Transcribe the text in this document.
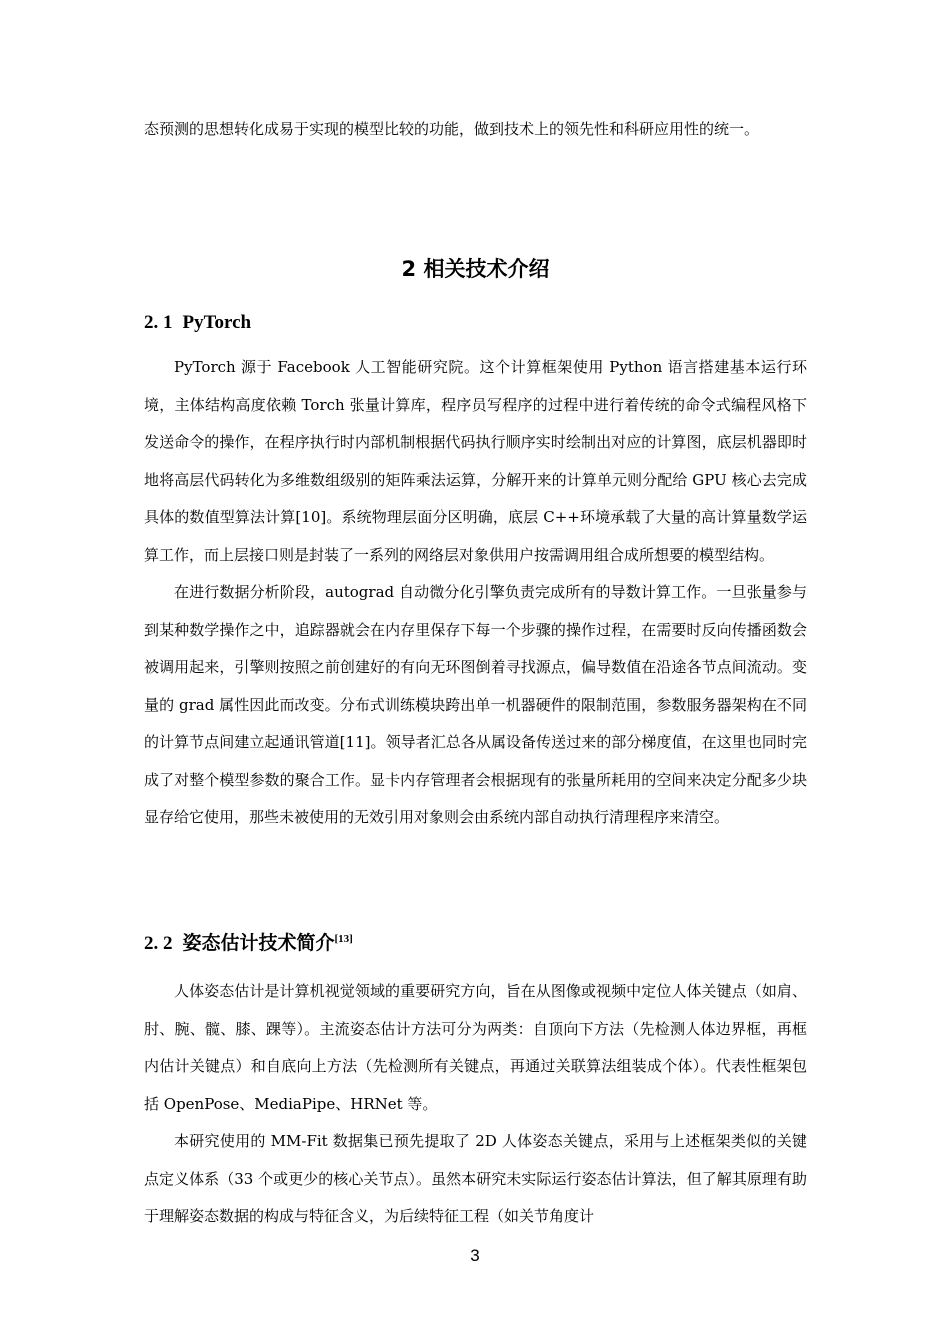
态预测的思想转化成易于实现的模型比较的功能，做到技术上的领先性和科研应用性的统一。

2 相关技术介绍
2. 1 PyTorch

PyTorch 源于 Facebook 人工智能研究院。这个计算框架使用 Python 语言搭建基本运行环境，主体结构高度依赖 Torch 张量计算库，程序员写程序的过程中进行着传统的命令式编程风格下发送命令的操作，在程序执行时内部机制根据代码执行顺序实时绘制出对应的计算图，底层机器即时地将高层代码转化为多维数组级别的矩阵乘法运算，分解开来的计算单元则分配给 GPU 核心去完成具体的数值型算法计算[10]。系统物理层面分区明确，底层 C++环境承载了大量的高计算量数学运算工作，而上层接口则是封装了一系列的网络层对象供用户按需调用组合成所想要的模型结构。

在进行数据分析阶段，autograd 自动微分化引擎负责完成所有的导数计算工作。一旦张量参与到某种数学操作之中，追踪器就会在内存里保存下每一个步骤的操作过程，在需要时反向传播函数会被调用起来，引擎则按照之前创建好的有向无环图倒着寻找源点，偏导数值在沿途各节点间流动。变量的 grad 属性因此而改变。分布式训练模块跨出单一机器硬件的限制范围，参数服务器架构在不同的计算节点间建立起通讯管道[11]。领导者汇总各从属设备传送过来的部分梯度值，在这里也同时完成了对整个模型参数的聚合工作。显卡内存管理者会根据现有的张量所耗用的空间来决定分配多少块显存给它使用，那些未被使用的无效引用对象则会由系统内部自动执行清理程序来清空。

2. 2 姿态估计技术简介[13]

人体姿态估计是计算机视觉领域的重要研究方向，旨在从图像或视频中定位人体关键点（如肩、肘、腕、髋、膝、踝等）。主流姿态估计方法可分为两类：自顶向下方法（先检测人体边界框，再框内估计关键点）和自底向上方法（先检测所有关键点，再通过关联算法组装成个体）。代表性框架包括 OpenPose、MediaPipe、HRNet 等。

本研究使用的 MM-Fit 数据集已预先提取了 2D 人体姿态关键点，采用与上述框架类似的关键点定义体系（33 个或更少的核心关节点）。虽然本研究未实际运行姿态估计算法，但了解其原理有助于理解姿态数据的构成与特征含义，为后续特征工程（如关节角度计

3
